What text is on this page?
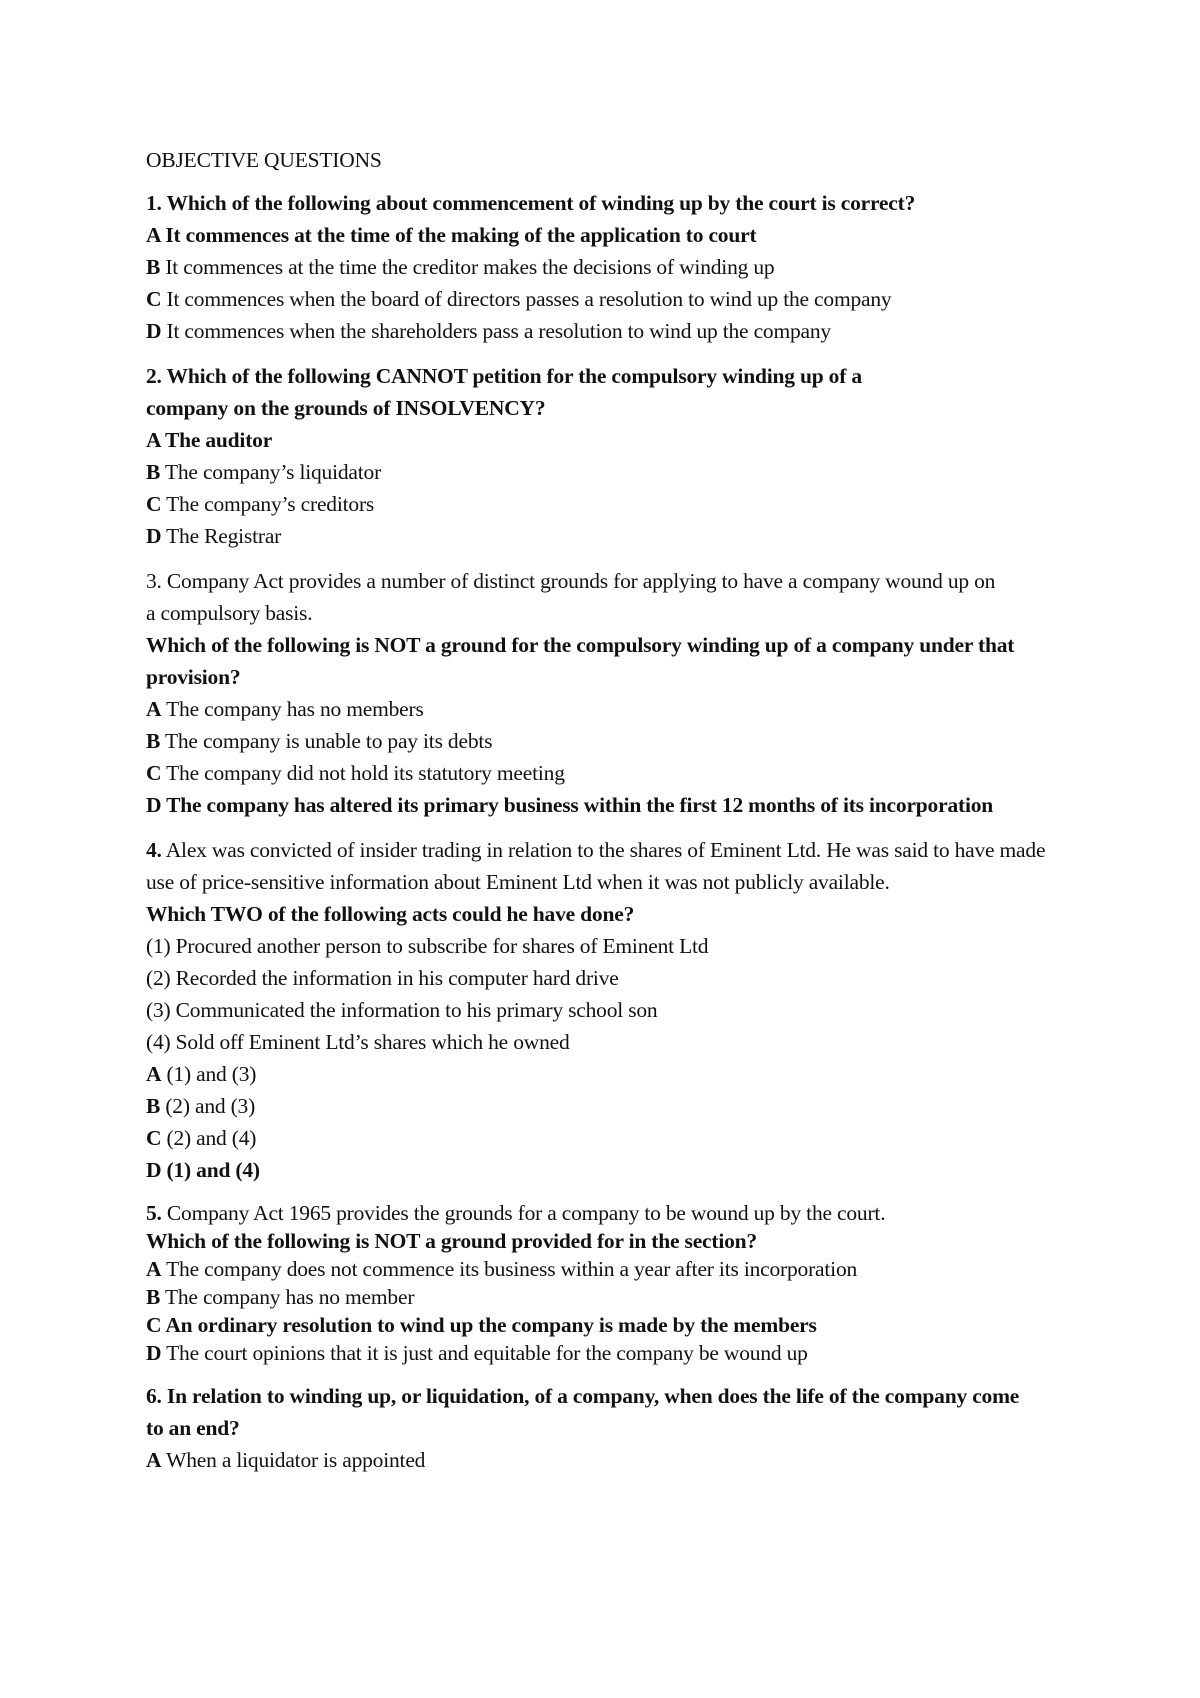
OBJECTIVE QUESTIONS
1. Which of the following about commencement of winding up by the court is correct?
A It commences at the time of the making of the application to court
B It commences at the time the creditor makes the decisions of winding up
C It commences when the board of directors passes a resolution to wind up the company
D It commences when the shareholders pass a resolution to wind up the company
2. Which of the following CANNOT petition for the compulsory winding up of a company on the grounds of INSOLVENCY?
A The auditor
B The company’s liquidator
C The company’s creditors
D The Registrar
3. Company Act provides a number of distinct grounds for applying to have a company wound up on a compulsory basis.
Which of the following is NOT a ground for the compulsory winding up of a company under that provision?
A The company has no members
B The company is unable to pay its debts
C The company did not hold its statutory meeting
D The company has altered its primary business within the first 12 months of its incorporation
4. Alex was convicted of insider trading in relation to the shares of Eminent Ltd. He was said to have made use of price-sensitive information about Eminent Ltd when it was not publicly available.
Which TWO of the following acts could he have done?
(1) Procured another person to subscribe for shares of Eminent Ltd
(2) Recorded the information in his computer hard drive
(3) Communicated the information to his primary school son
(4) Sold off Eminent Ltd’s shares which he owned
A (1) and (3)
B (2) and (3)
C (2) and (4)
D (1) and (4)
5. Company Act 1965 provides the grounds for a company to be wound up by the court.
Which of the following is NOT a ground provided for in the section?
A The company does not commence its business within a year after its incorporation
B The company has no member
C An ordinary resolution to wind up the company is made by the members
D The court opinions that it is just and equitable for the company be wound up
6. In relation to winding up, or liquidation, of a company, when does the life of the company come to an end?
A When a liquidator is appointed
